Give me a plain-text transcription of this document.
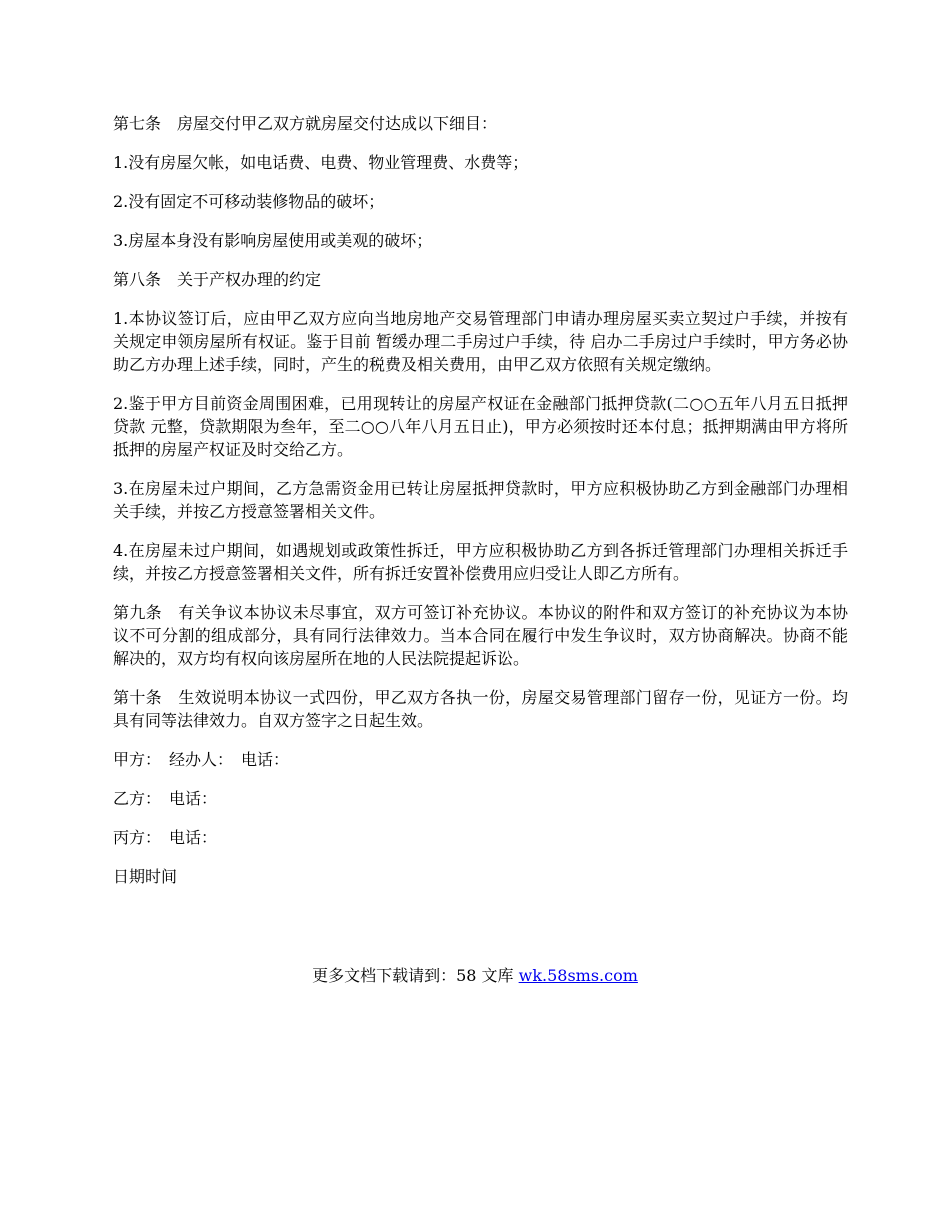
第七条　房屋交付甲乙双方就房屋交付达成以下细目：

1.没有房屋欠帐，如电话费、电费、物业管理费、水费等；

2.没有固定不可移动装修物品的破坏；

3.房屋本身没有影响房屋使用或美观的破坏；

第八条　关于产权办理的约定

1.本协议签订后，应由甲乙双方应向当地房地产交易管理部门申请办理房屋买卖立契过户手续，并按有关规定申领房屋所有权证。鉴于目前 暂缓办理二手房过户手续，待 启办二手房过户手续时，甲方务必协助乙方办理上述手续，同时，产生的税费及相关费用，由甲乙双方依照有关规定缴纳。

2.鉴于甲方目前资金周围困难，已用现转让的房屋产权证在金融部门抵押贷款(二○○五年八月五日抵押贷款 元整，贷款期限为叁年，至二○○八年八月五日止)，甲方必须按时还本付息；抵押期满由甲方将所抵押的房屋产权证及时交给乙方。

3.在房屋未过户期间，乙方急需资金用已转让房屋抵押贷款时，甲方应积极协助乙方到金融部门办理相关手续，并按乙方授意签署相关文件。

4.在房屋未过户期间，如遇规划或政策性拆迁，甲方应积极协助乙方到各拆迁管理部门办理相关拆迁手续，并按乙方授意签署相关文件，所有拆迁安置补偿费用应归受让人即乙方所有。

第九条　有关争议本协议未尽事宜，双方可签订补充协议。本协议的附件和双方签订的补充协议为本协议不可分割的组成部分，具有同行法律效力。当本合同在履行中发生争议时，双方协商解决。协商不能解决的，双方均有权向该房屋所在地的人民法院提起诉讼。

第十条　生效说明本协议一式四份，甲乙双方各执一份，房屋交易管理部门留存一份，见证方一份。均具有同等法律效力。自双方签字之日起生效。

甲方：　经办人：　电话：

乙方：　电话：

丙方：　电话：

日期时间

更多文档下载请到：58 文库 wk.58sms.com
